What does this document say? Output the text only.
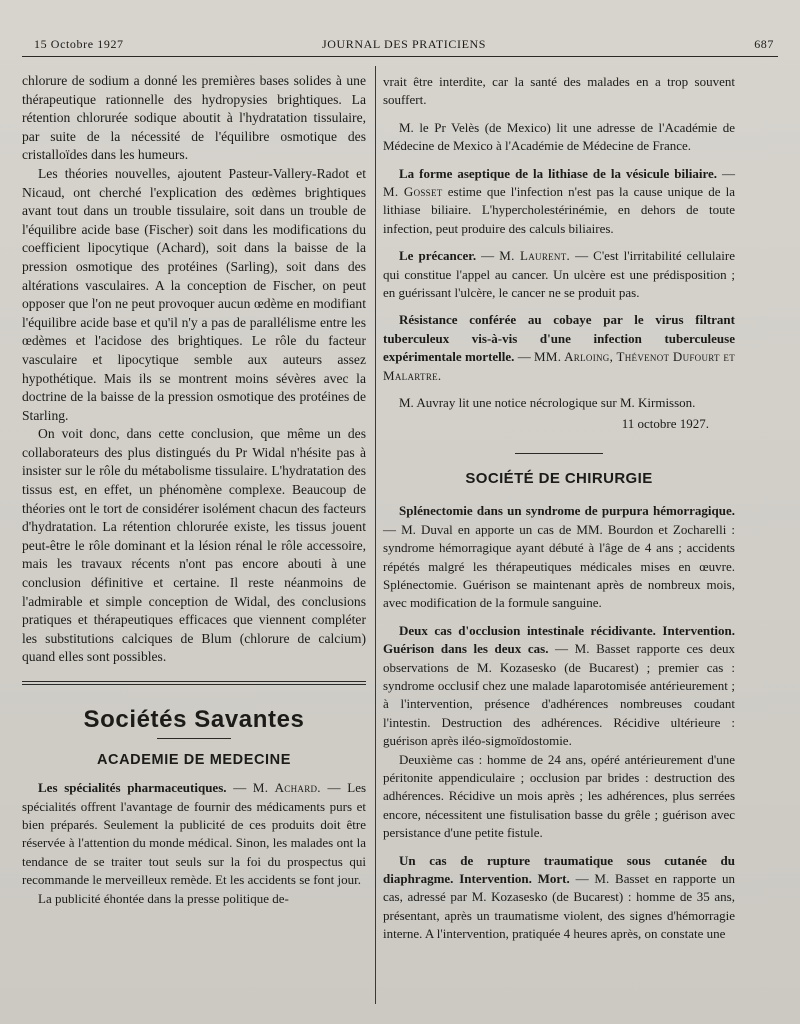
15 Octobre 1927	JOURNAL DES PRATICIENS	687

chlorure de sodium a donné les premières bases solides à une thérapeutique rationnelle des hydropysies brightiques. La rétention chlorurée sodique aboutit à l'hydratation tissulaire, par suite de la nécessité de l'équilibre osmotique des cristalloïdes dans les humeurs.

Les théories nouvelles, ajoutent Pasteur-Vallery-Radot et Nicaud, ont cherché l'explication des œdèmes brightiques avant tout dans un trouble tissulaire, soit dans un trouble de l'équilibre acide base (Fischer) soit dans les modifications du coefficient lipocytique (Achard), soit dans la baisse de la pression osmotique des protéines (Sarling), soit dans des altérations vasculaires. A la conception de Fischer, on peut opposer que l'on ne peut provoquer aucun œdème en modifiant l'équilibre acide base et qu'il n'y a pas de parallélisme entre les œdèmes et l'acidose des brightiques. Le rôle du facteur vasculaire et lipocytique semble aux auteurs assez hypothétique. Mais ils se montrent moins sévères avec la doctrine de la baisse de la pression osmotique des protéines de Starling.

On voit donc, dans cette conclusion, que même un des collaborateurs des plus distingués du Pr Widal n'hésite pas à insister sur le rôle du métabolisme tissulaire. L'hydratation des tissus est, en effet, un phénomène complexe. Beaucoup de théories ont le tort de considérer isolément chacun des facteurs d'hydratation. La rétention chlorurée existe, les tissus jouent peut-être le rôle dominant et la lésion rénal le rôle accessoire, mais les travaux récents n'ont pas encore abouti à une conclusion définitive et certaine. Il reste néanmoins de l'admirable et simple conception de Widal, des conclusions pratiques et thérapeutiques efficaces que viennent compléter les substitutions calciques de Blum (chlorure de calcium) quand elles sont possibles.

Sociétés Savantes
ACADEMIE DE MEDECINE

Les spécialités pharmaceutiques. — M. Achard. — Les spécialités offrent l'avantage de fournir des médicaments purs et bien préparés. Seulement la publicité de ces produits doit être réservée à l'attention du monde médical. Sinon, les malades ont la tendance de se traiter tout seuls sur la foi du prospectus qui recommande le merveilleux remède. Et les accidents se font jour.

La publicité éhontée dans la presse politique de-

vrait être interdite, car la santé des malades en a trop souvent souffert.

M. le Pr Velès (de Mexico) lit une adresse de l'Académie de Médecine de Mexico à l'Académie de Médecine de France.

La forme aseptique de la lithiase de la vésicule biliaire. — M. Gosset estime que l'infection n'est pas la cause unique de la lithiase biliaire. L'hypercholestérinémie, en dehors de toute infection, peut produire des calculs biliaires.

Le précancer. — M. Laurent. — C'est l'irritabilité cellulaire qui constitue l'appel au cancer. Un ulcère est une prédisposition ; en guérissant l'ulcère, le cancer ne se produit pas.

Résistance conférée au cobaye par le virus filtrant tuberculeux vis-à-vis d'une infection tuberculeuse expérimentale mortelle. — MM. Arloing, Thévenot Dufourt et Malartre.

M. Auvray lit une notice nécrologique sur M. Kirmisson.

11 octobre 1927.
SOCIÉTÉ DE CHIRURGIE

Splénectomie dans un syndrome de purpura hémorragique. — M. Duval en apporte un cas de MM. Bourdon et Zocharelli : syndrome hémorragique ayant débuté à l'âge de 4 ans ; accidents répétés malgré les thérapeutiques médicales mises en œuvre. Splénectomie. Guérison se maintenant après de nombreux mois, avec modification de la formule sanguine.

Deux cas d'occlusion intestinale récidivante. Intervention. Guérison dans les deux cas. — M. Basset rapporte ces deux observations de M. Kozasesko (de Bucarest) ; premier cas : syndrome occlusif chez une malade laparotomisée antérieurement ; à l'intervention, présence d'adhérences nombreuses coudant l'intestin. Destruction des adhérences. Récidive ultérieure : guérison après iléo-sigmoïdostomie.

Deuxième cas : homme de 24 ans, opéré antérieurement d'une péritonite appendiculaire ; occlusion par brides : destruction des adhérences. Récidive un mois après ; les adhérences, plus serrées encore, nécessitent une fistulisation basse du grêle ; guérison avec persistance d'une petite fistule.

Un cas de rupture traumatique sous cutanée du diaphragme. Intervention. Mort. — M. Basset en rapporte un cas, adressé par M. Kozasesko (de Bucarest) : homme de 35 ans, présentant, après un traumatisme violent, des signes d'hémorragie interne. A l'intervention, pratiquée 4 heures après, on constate une
